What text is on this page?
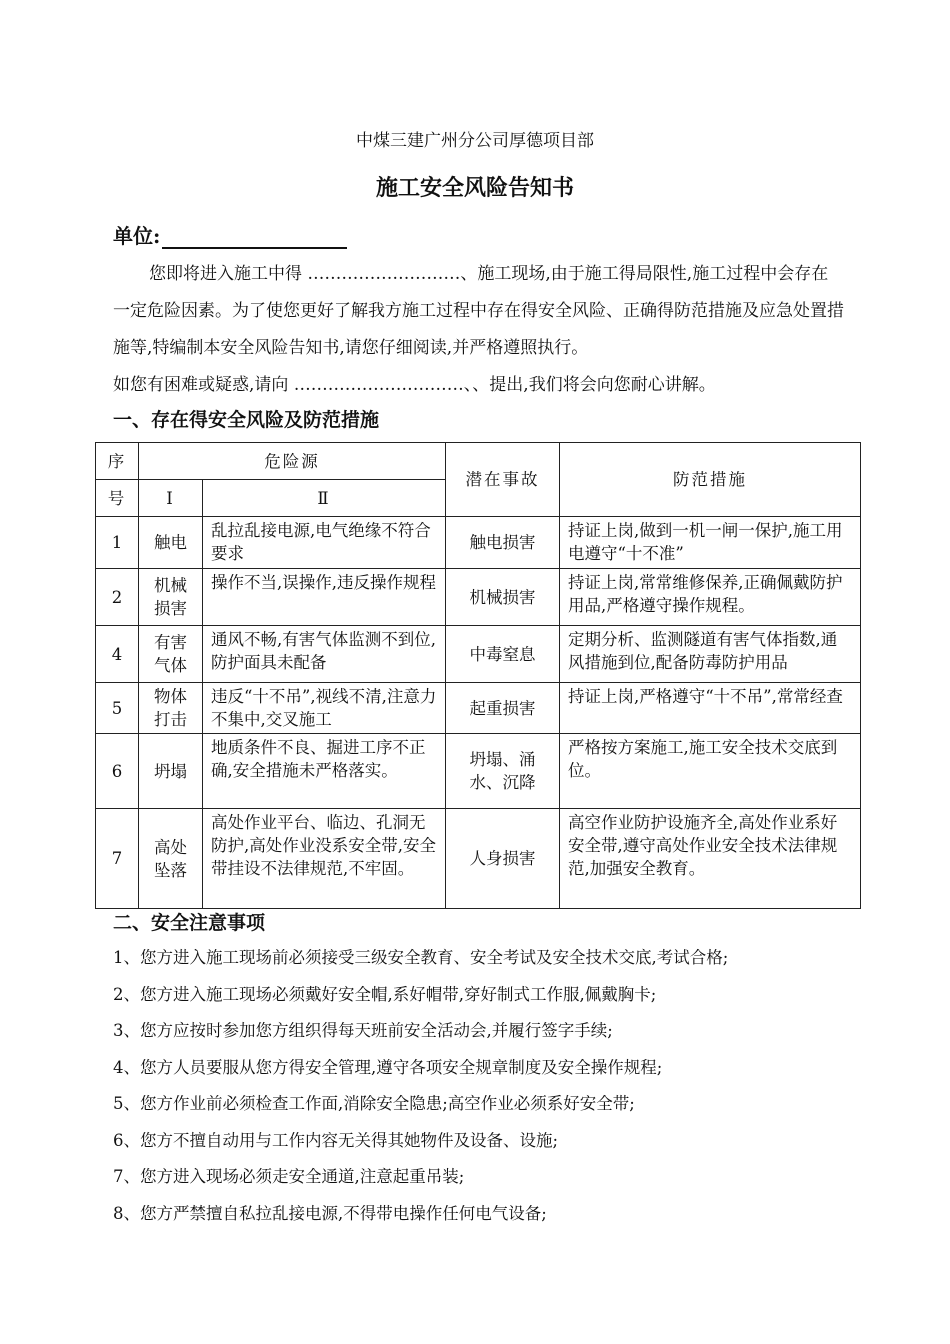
中煤三建广州分公司厚德项目部
施工安全风险告知书
单位:

您即将进入施工中得 ………………………、施工现场,由于施工得局限性,施工过程中会存在一定危险因素。为了使您更好了解我方施工过程中存在得安全风险、正确得防范措施及应急处置措施等,特编制本安全风险告知书,请您仔细阅读,并严格遵照执行。

如您有困难或疑惑,请向 …………………………、、提出,我们将会向您耐心讲解。

一、存在得安全风险及防范措施
序	危险源		潜在事故	防范措施
号	Ⅰ	Ⅱ		
1	触电	乱拉乱接电源,电气绝缘不符合要求	触电损害	持证上岗,做到一机一闸一保护,施工用电遵守“十不准”
2	机械损害	操作不当,误操作,违反操作规程	机械损害	持证上岗,常常维修保养,正确佩戴防护用品,严格遵守操作规程。
4	有害气体	通风不畅,有害气体监测不到位,防护面具未配备	中毒窒息	定期分析、监测隧道有害气体指数,通风措施到位,配备防毒防护用品
5	物体打击	违反“十不吊”,视线不清,注意力不集中,交叉施工	起重损害	持证上岗,严格遵守“十不吊”,常常经查
6	坍塌	地质条件不良、掘进工序不正确,安全措施未严格落实。	坍塌、涌水、沉降	严格按方案施工,施工安全技术交底到位。
7	高处坠落	高处作业平台、临边、孔洞无防护,高处作业没系安全带,安全带挂设不法律规范,不牢固。	人身损害	高空作业防护设施齐全,高处作业系好安全带,遵守高处作业安全技术法律规范,加强安全教育。
二、安全注意事项
1、您方进入施工现场前必须接受三级安全教育、安全考试及安全技术交底,考试合格;
2、您方进入施工现场必须戴好安全帽,系好帽带,穿好制式工作服,佩戴胸卡;
3、您方应按时参加您方组织得每天班前安全活动会,并履行签字手续;
4、您方人员要服从您方得安全管理,遵守各项安全规章制度及安全操作规程;
5、您方作业前必须检查工作面,消除安全隐患;高空作业必须系好安全带;
6、您方不擅自动用与工作内容无关得其她物件及设备、设施;
7、您方进入现场必须走安全通道,注意起重吊装;
8、您方严禁擅自私拉乱接电源,不得带电操作任何电气设备;
